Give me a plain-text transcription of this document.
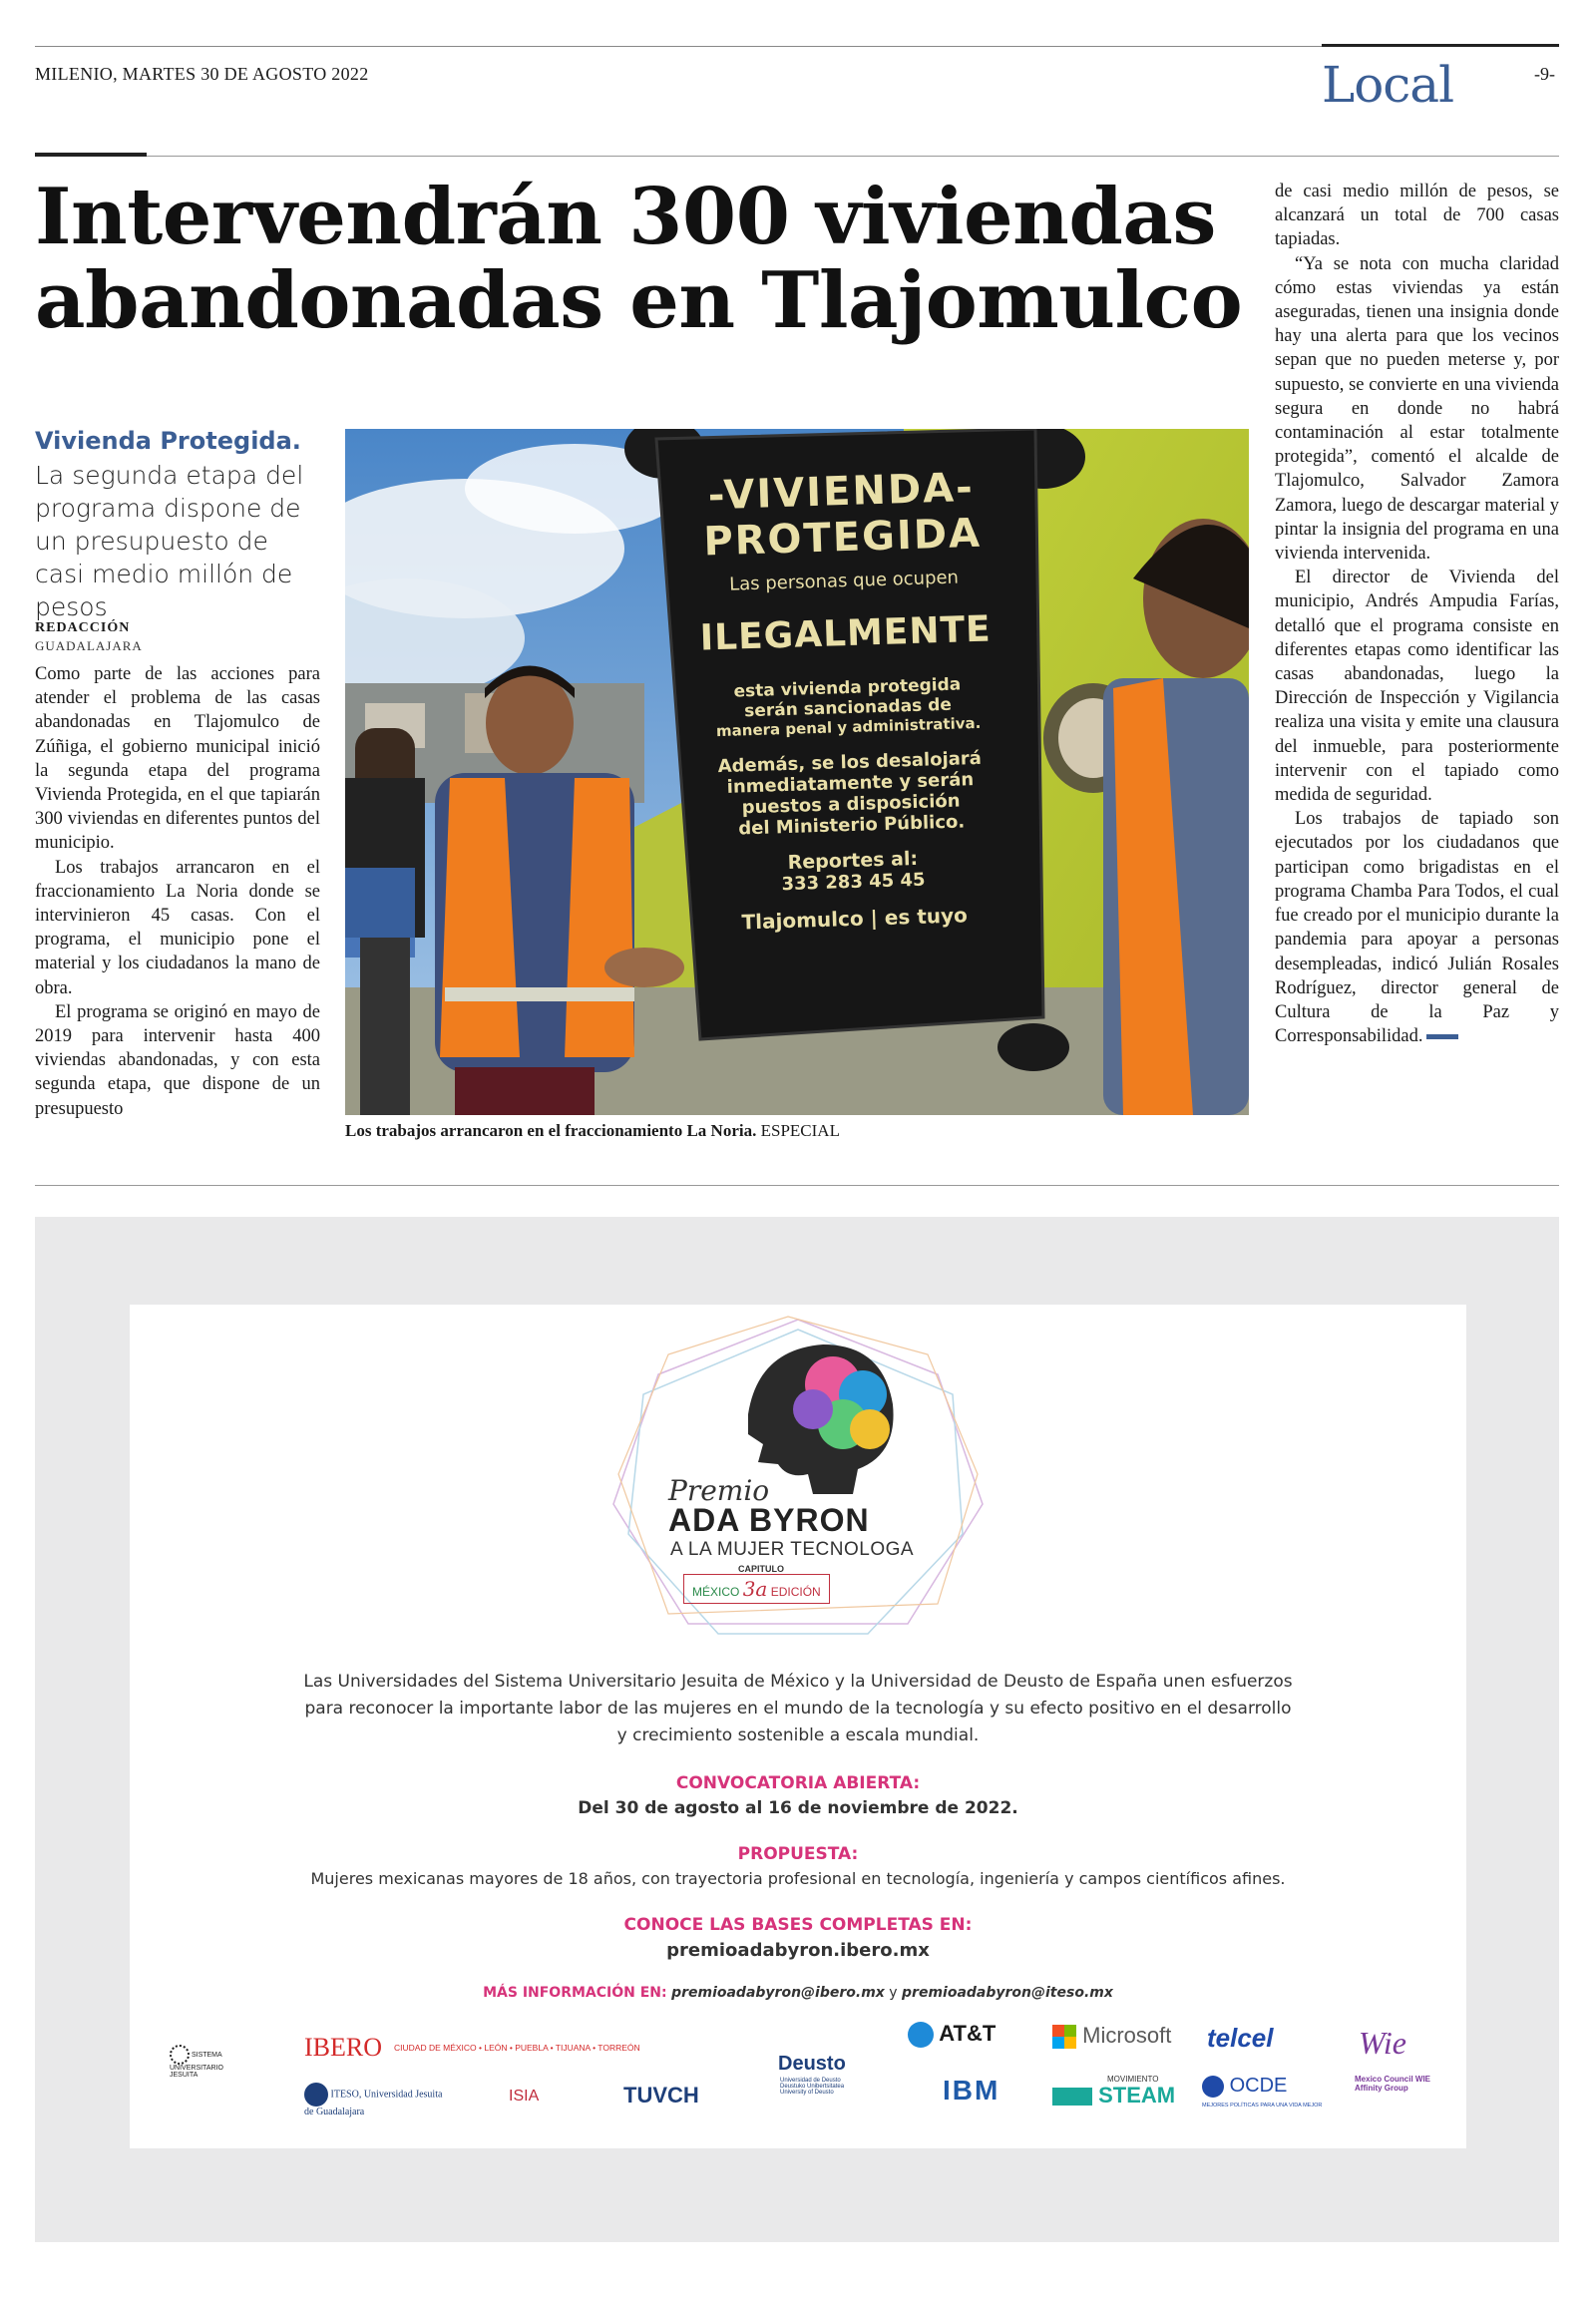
MILENIO, MARTES 30 DE AGOSTO 2022	Local	-9-
Intervendrán 300 viviendas
abandonadas en Tlajomulco
Vivienda Protegida.
La segunda etapa del programa dispone de un presupuesto de casi medio millón de pesos
REDACCIÓN
GUADALAJARA

Como parte de las acciones para atender el problema de las casas abandonadas en Tlajomulco de Zúñiga, el gobierno municipal inició la segunda etapa del programa Vivienda Protegida, en el que tapiarán 300 viviendas en diferentes puntos del municipio.

Los trabajos arrancaron en el fraccionamiento La Noria donde se intervinieron 45 casas. Con el programa, el municipio pone el material y los ciudadanos la mano de obra.

El programa se originó en mayo de 2019 para intervenir hasta 400 viviendas abandonadas, y con esta segunda etapa, que dispone de un presupuesto

-VIVIENDA-
PROTEGIDA
Las personas que ocupen
ILEGALMENTE
esta vivienda protegida
serán sancionadas de
manera penal y administrativa.
Además, se los desalojará
inmediatamente y serán
puestos a disposición
del Ministerio Público.
Reportes al:
333 283 45 45
Tlajomulco | es tuyo
Los trabajos arrancaron en el fraccionamiento La Noria. ESPECIAL

de casi medio millón de pesos, se alcanzará un total de 700 casas tapiadas.

“Ya se nota con mucha claridad cómo estas viviendas ya están aseguradas, tienen una insignia donde hay una alerta para que los vecinos sepan que no pueden meterse y, por supuesto, se convierte en una vivienda segura en donde no habrá contaminación al estar totalmente protegida”, comentó el alcalde de Tlajomulco, Salvador Zamora Zamora, luego de descargar material y pintar la insignia del programa en una vivienda intervenida.

El director de Vivienda del municipio, Andrés Ampudia Farías, detalló que el programa consiste en diferentes etapas como identificar las casas abandonadas, luego la Dirección de Inspección y Vigilancia realiza una visita y emite una clausura del inmueble, para posteriormente intervenir con el tapiado como medida de seguridad.

Los trabajos de tapiado son ejecutados por los ciudadanos que participan como brigadistas en el programa Chamba Para Todos, el cual fue creado por el municipio durante la pandemia para apoyar a personas desempleadas, indicó Julián Rosales Rodríguez, director general de Cultura de la Paz y Corresponsabilidad.

Premio
ADA BYRON
A LA MUJER TECNOLOGA
CAPITULO
MÉXICO 3a EDICIÓN
Las Universidades del Sistema Universitario Jesuita de México y la Universidad de Deusto de España unen esfuerzos
para reconocer la importante labor de las mujeres en el mundo de la tecnología y su efecto positivo en el desarrollo
y crecimiento sostenible a escala mundial.
CONVOCATORIA ABIERTA:
Del 30 de agosto al 16 de noviembre de 2022.
PROPUESTA:
Mujeres mexicanas mayores de 18 años, con trayectoria profesional en tecnología, ingeniería y campos científicos afines.
CONOCE LAS BASES COMPLETAS EN:
premioadabyron.ibero.mx
MÁS INFORMACIÓN EN: premioadabyron@ibero.mx y premioadabyron@iteso.mx
SISTEMA UNIVERSITARIO JESUITA
IBERO CIUDAD DE MÉXICO • LEÓN • PUEBLA • TIJUANA • TORREÓN
ITESO, Universidad Jesuita de Guadalajara
ISIA	TUVCH
Deusto
Universidad de Deusto Deustuko Unibertsitatea University of Deusto
AT&T
IBM
Microsoft
MOVIMIENTO
STEAM
telcel
OCDE
MEJORES POLÍTICAS PARA UNA VIDA MEJOR
Wie
Mexico Council WIE Affinity Group
